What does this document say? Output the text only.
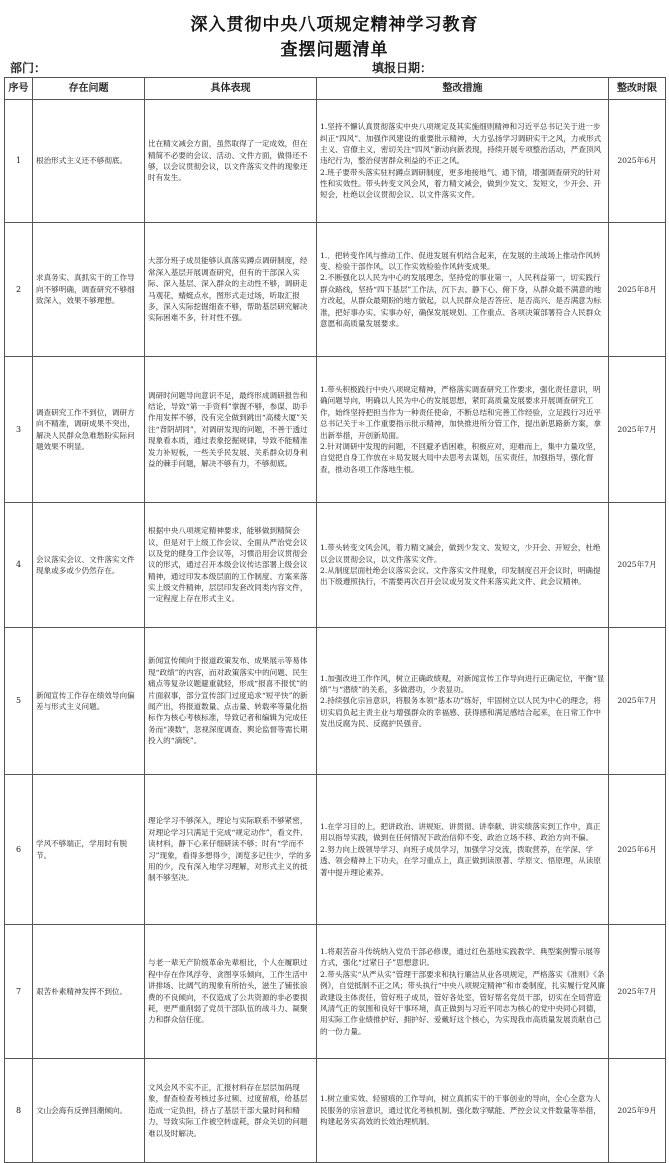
深入贯彻中央八项规定精神学习教育
查摆问题清单
部门：	填报日期：
序号	存在问题	具体表现	整改措施	整改时限
1	根治形式主义还不够彻底。	比在精文减会方面，虽然取得了一定成效，但在精简不必要的会议、活动、文件方面，做得还不够，以会议贯彻会议，以文件落实文件的现象还时有发生。	1.坚持不懈认真贯彻落实中央八项规定及其实施细则精神和习近平总书记关于进一步纠正“四风”、加强作风建设的重要批示精神，大力弘扬学习调研实干之风，力戒形式主义、官僚主义，密切关注“四风”新动向新表现，持续开展专项整治活动，严查顶风违纪行为，整治侵害群众利益的不正之风。
2.班子要带头落实驻村蹲点调研制度，更多地接地气、通下情，增强调查研究的针对性和实效性。带头转变文风会风，着力精文减会，做到少发文、发短文，少开会、开短会，杜绝以会议贯彻会议、以文件落实文件。	2025年6月
2	求真务实、真抓实干的工作导向不够明确，调查研究不够细致深入，效果不够理想。	大部分班子成员能够认真落实蹲点调研制度，经常深入基层开展调查研究，但有的干部深入实际、深入基层、深入群众的主动性不够，调研走马观花，蜻蜓点水，图形式走过场，听取汇报多，深入实际挖掘细查不够，帮助基层研究解决实际困难不多，针对性不强。	1.．把转变作风与推动工作、促进发展有机结合起来，在发展的主战场上推动作风转变、检验干部作风，以工作实效检验作风转变成果。
2.不断强化以人民为中心的发展理念，坚持党的事业第一，人民利益第一，切实践行群众路线，坚持“四下基层”工作法，沉下去、静下心、俯下身，从群众最不满意的地方改起，从群众最期盼的地方做起，以人民群众是否答应、是否高兴、是否满意为标准，把好事办实、实事办好，确保发展规划、工作重点、各项决策部署符合人民群众意愿和高质量发展要求。	2025年8月
3	调查研究工作不到位，调研方向不精准，调研成果不突出，解决人民群众急难愁盼实际问题效果不明显。	调研时问题导向意识不足，最终形成调研报告和结论，导致“第一手资料”掌握不够，参谋、助手作用发挥不够，没有完全做到跳出“高楼大厦”关注“背阴胡同”，对调研发现的问题，不善于透过现象看本质，通过表象挖掘规律，导致不能精准发力补短板，一些关乎民发展、关系群众切身利益的棘手问题，解决不够有力，不够彻底。	1.带头积极践行中央八项规定精神，严格落实调查研究工作要求，强化责任意识，明确问题导向，明确以人民为中心的发展思想，紧盯高质量发展要求开展调查研究工作，始终坚持把担当作为一种责任使命，不断总结和完善工作经验，立足践行习近平总书记关于＊工作重要指示批示精神，加快推进所分管工作，提出新思路新方案，拿出新举措，开创新局面。
2.针对调研中发现的问题，不回避矛盾困难，积极应对，迎难而上，集中力量攻坚，自觉把自身工作放在＊局发展大局中去思考去谋划，压实责任，加强指导，强化督查，推动各项工作落地生根。	2025年7月
4	会议落实会议、文件落实文件现象或多或少仍然存在。	根据中央八项规定精神要求，能够做到精简会议，但是对于上级工作会议、全面从严治党会议以及党的健身工作会议等，习惯沿用会议贯彻会议的形式，通过召开本级会议传达部署上级会议精神，通过印发本级层面的工作制度、方案来落实上级文件精神，层层印发套改同类内容文件，一定程度上存在形式主义。	1.带头转变文风会风，着力精文减会，做到少发文、发短文，少开会、开短会，杜绝以会议贯彻会议，以文件落实文件。
2.从制度层面杜绝会议落实会议、文件落实文件现象，印发制度召开会议时，明确提出下级遵照执行，不需要再次召开会议或另发文件来落实此文件、此会议精神。	2025年7月
5	新闻宣传工作存在绩效导向偏差与形式主义问题。	新闻宣传倾向于报道政策发布、成果展示等易体现“政绩”的内容，而对政策落实中的问题、民生痛点等复杂议题避重就轻，形成“报喜不报忧”的片面叙事，部分宣传部门过度追求“短平快”的新闻产出，将报道数量、点击量、转载率等量化指标作为核心考核标准，导致记者和编辑为完成任务而“凑数”，忽视深度调查、舆论监督等需长期投入的“滴统”。	1.加强改进工作作风，树立正确政绩观，对新闻宣传工作导向进行正确定位，平衡“显绩”与“潜绩”的关系，多做潜功，少表显功。
2.持续强化宗旨意识，将服务本领“基本功”练好，牢固树立以人民为中心的理念，将切实肩负起主责主业与增强群众的幸福感、获得感和满足感结合起来，在日常工作中发出反腐为民、反腐护民强音。	2025年7月
6	学风不够端正，学用时有脱节。	理论学习不够深入，理论与实际联系不够紧密，对理论学习只满足于完成“规定动作”，看文件、读材料，静下心来仔细研读不够；时有“学而不习”现象，看得多想得少，浏览多记住少，学的多用的少，没有深入地学习理解，对形式主义的抵制不够坚决。	1.在学习目的上，把讲政治、讲规矩、讲贯彻、讲奉献、讲实绩落实到工作中，真正用以指导实践，做到在任何情况下政治信仰不变、政治立场不移、政治方向不偏。
2.努力向上级领导学习、向班子成员学习，加强学习交流，拨取营养，在学深、学透、领会精神上下功夫，在学习重点上，真正做到读原著、学原文、悟原理，从读原著中提升理论素养。	2025年6月
7	艰苦朴素精神发挥不到位。	与老一辈无产阶级革命先辈相比，个人在履职过程中存在作风浮夸、贪图享乐倾向，工作生活中讲排场、比阔气的现象有所抬头，滋生了铺张浪费的不良倾向，不仅造成了公共资源的非必要损耗，更严重削弱了党员干部队伍的战斗力、凝聚力和群众信任度。	1.将艰苦奋斗传统纳入党员干部必修课，通过红色基地实践教学、典型案例警示展等方式，强化“过紧日子”思想意识。
2.带头落实“从严从实”管理干部要求和执行廉洁从业各项规定，严格落实《准则》《条例》，自觉抵制不正之风；带头执行“中央八项规定精神”和市委制度，扎实履行党风廉政建设主体责任，管好班子成员，管好各处室，管好帮名党员干部，切实在全局营造风清气正的氛围和良好干事环境，真正做到与习近平同志为核心的党中央同心同德，用实际工作业绩推护好、拥护好、爱戴好这个核心，为实现我市高质量发展贡献自己的一份力量。	2025年7月
8	文山会海有反弹回潮倾向。	文风会风不实不正，汇报材料存在层层加码现象，督查检查考核过多过频、过度留痕，给基层造成一定负担，挤占了基层干部大量时间和精力，导致实际工作被空转虚耗，群众关切的问题难以及时解决。	1.树立重实效、轻留痕的工作导向，树立真抓实干的干事创业的导向，全心全意为人民服务的宗旨意识，通过优化考核机制、强化数字赋能、严控会议文件数量等举措，构建起务实高效的长效治理机制。	2025年9月
